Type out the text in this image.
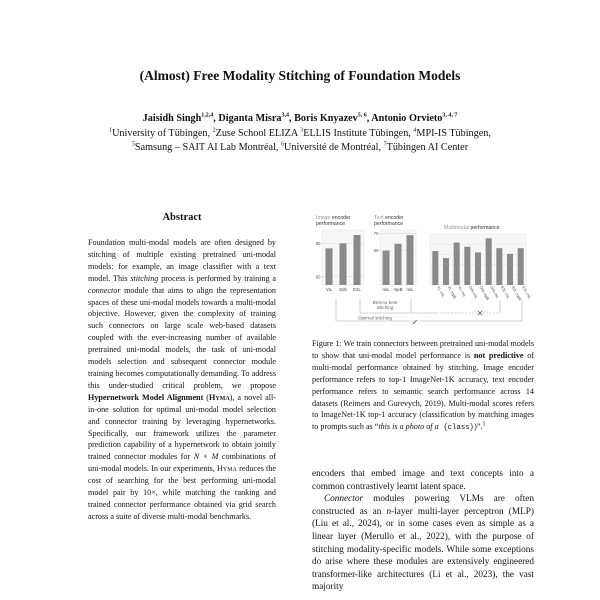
(Almost) Free Modality Stitching of Foundation Models
Jaisidh Singh$^{1,2,4}$, Diganta Misra$^{3,4}$, Boris Knyazev$^{5, 6}$, Antonio Orvieto$^{3, 4, 7}$
$^1$University of Tübingen, $^2$Zuse School ELIZA $^3$ELLIS Institute Tübingen, $^4$MPI-IS Tübingen,
$^5$Samsung – SAIT AI Lab Montréal, $^6$Université de Montréal, $^7$Tübingen AI Center
Abstract

Foundation multi-modal models are often designed by stitching of multiple existing pretrained uni-modal models: for example, an image classifier with a text model. This stitching process is performed by training a connector module that aims to align the representation spaces of these uni-modal models towards a multi-modal objective. However, given the complexity of training such connectors on large scale web-based datasets coupled with the ever-increasing number of available pretrained uni-modal models, the task of uni-modal models selection and subsequent connector module training becomes computationally demanding. To address this under-studied critical problem, we propose Hypernetwork Model Alignment (Hyma), a novel all-in-one solution for optimal uni-modal model selection and connector training by leveraging hypernetworks. Specifically, our framework utilizes the parameter prediction capability of a hypernetwork to obtain jointly trained connector modules for N × M combinations of uni-modal models. In our experiments, Hyma reduces the cost of searching for the best performing uni-modal model pair by 10×, while matching the ranking and trained connector performance obtained via grid search across a suite of diverse multi-modal benchmarks.

Image encoder
performance
Text encoder
performance
Multimodal performance
60
80
ViL DiN E2L
60
70
miL mpB miL	VL-miL VL-mpB VL-miL DiN-miL DiN-mpB DiN-miL E2L-miL E2L-mpB E2L-miL
Best-to-best
stitching
✕
Optimal stitching ✓

Figure 1: We train connectors between pretrained uni-modal models to show that uni-modal model performance is not predictive of multi-modal performance obtained by stitching. Image encoder performance refers to top-1 ImageNet-1K accuracy, text encoder performance refers to semantic search performance across 14 datasets (Reimers and Gurevych, 2019). Multi-modal scores refers to ImageNet-1K top-1 accuracy (classification by matching images to prompts such as “this is a photo of a {class})”.$^1$

encoders that embed image and text concepts into a common contrastively learnt latent space.

Connector modules powering VLMs are often constructed as an n-layer multi-layer perceptron (MLP) (Liu et al., 2024), or in some cases even as simple as a linear layer (Merullo et al., 2022), with the purpose of stitching modality-specific models. While some exceptions do arise where these modules are extensively engineered transformer-like architectures (Li et al., 2023), the vast majority
